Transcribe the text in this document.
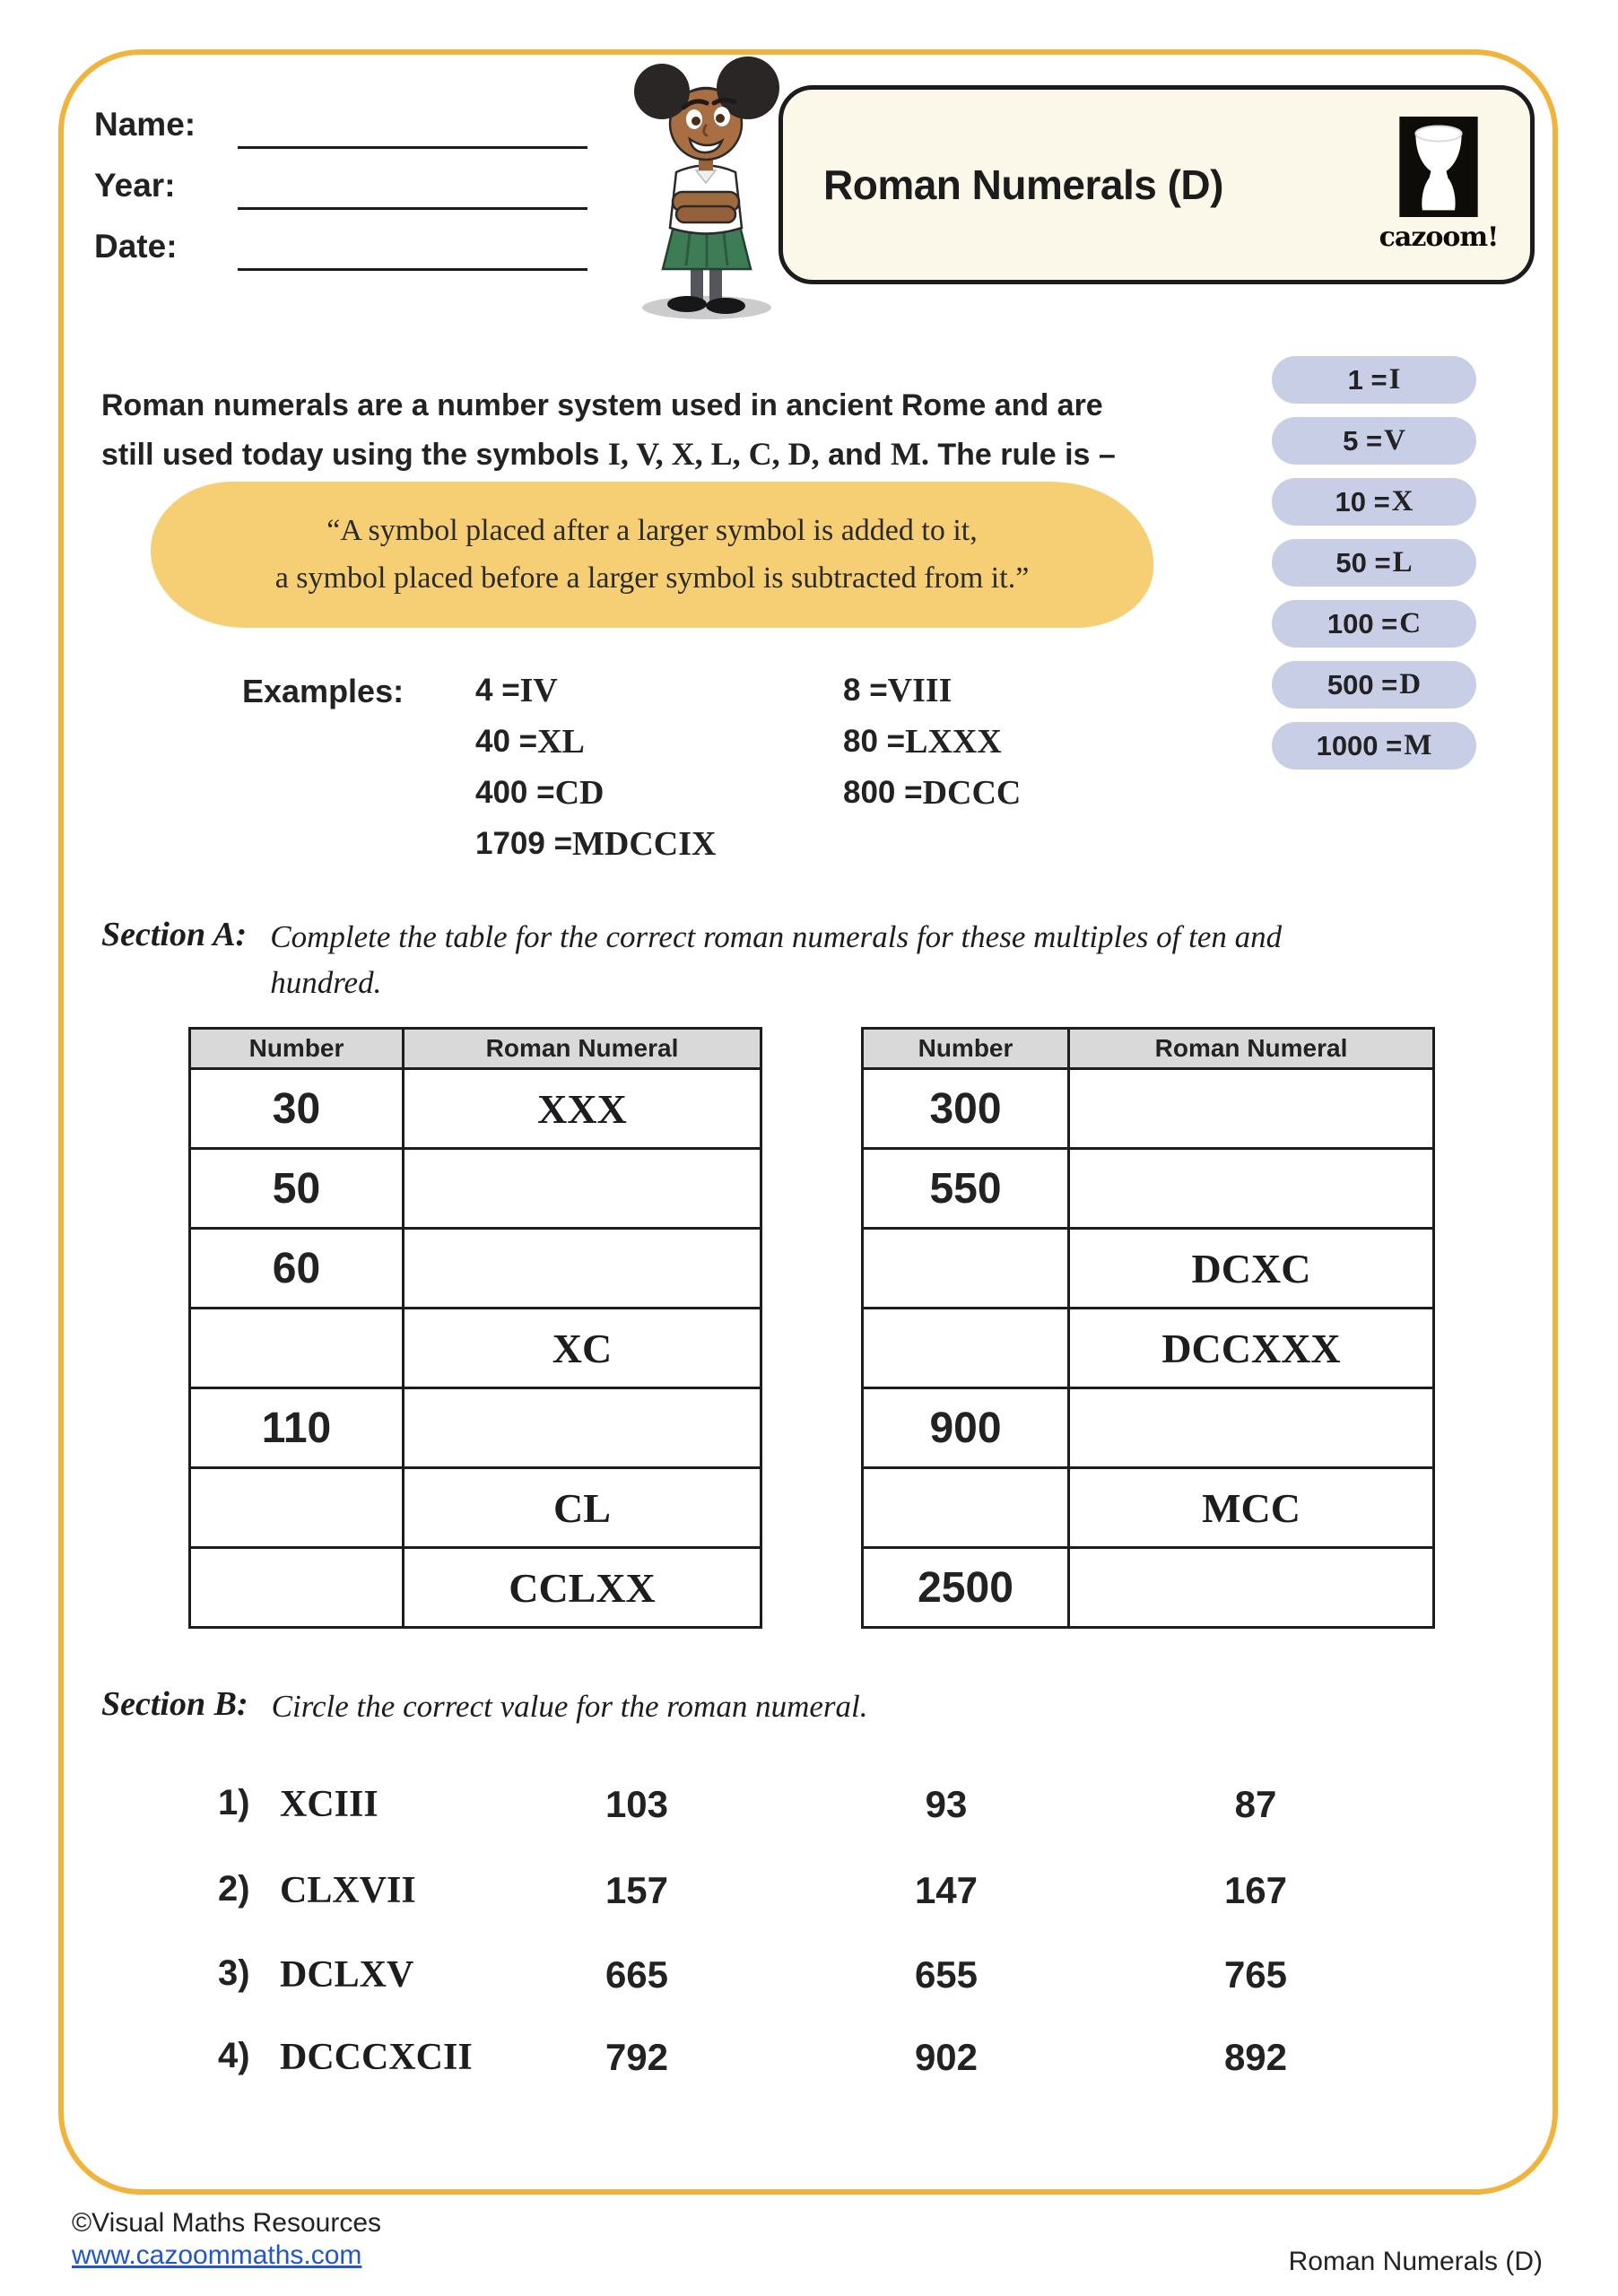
Name:
Year:
Date:
Roman Numerals (D)
cazoom!
Roman numerals are a number system used in ancient Rome and are
still used today using the symbols I, V, X, L, C, D, and M. The rule is –
1 = I
5 = V
10 = X
50 = L
100 = C
500 = D
1000 = M
“A symbol placed after a larger symbol is added to it,
a symbol placed before a larger symbol is subtracted from it.”
Examples: 4 = IV
40 = XL
400 = CD
1709 = MDCCIX
8 = VIII
80 = LXXX
800 = DCCC
Section A: Complete the table for the correct roman numerals for these multiples of ten and hundred.
Number	Roman Numeral
30	XXX
50	
60	
	XC
110	
	CL
	CCLXX
Number	Roman Numeral
300	
550	
	DCXC
	DCCXXX
900	
	MCC
2500	
Section B: Circle the correct value for the roman numeral.
1) XCIII	103	93	87
2) CLXVII	157	147	167
3) DCLXV	665	655	765
4) DCCCXCII	792	902	892
©Visual Maths Resources
www.cazoommaths.com	Roman Numerals (D)
